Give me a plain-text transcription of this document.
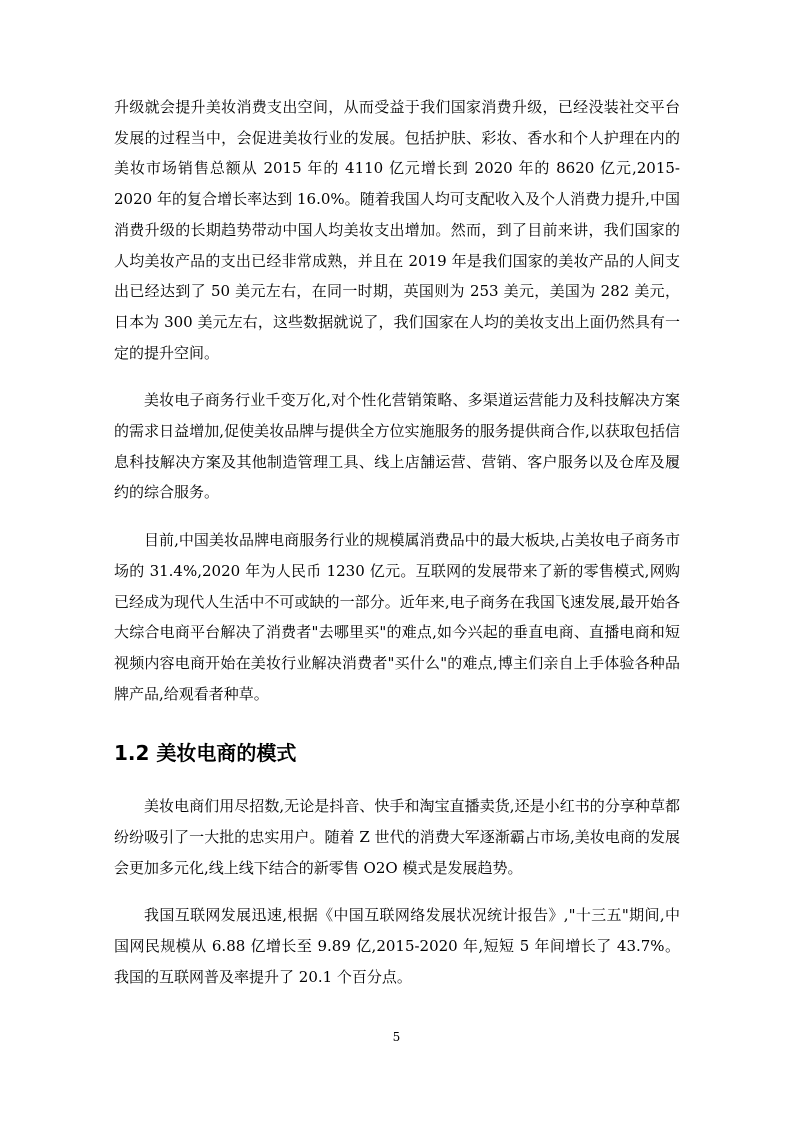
升级就会提升美妆消费支出空间，从而受益于我们国家消费升级，已经没装社交平台发展的过程当中，会促进美妆行业的发展。包括护肤、彩妆、香水和个人护理在内的美妆市场销售总额从 2015 年的 4110 亿元增长到 2020 年的 8620 亿元,2015-2020 年的复合增长率达到 16.0%。随着我国人均可支配收入及个人消费力提升,中国消费升级的长期趋势带动中国人均美妆支出增加。然而，到了目前来讲，我们国家的人均美妆产品的支出已经非常成熟，并且在 2019 年是我们国家的美妆产品的人间支出已经达到了 50 美元左右，在同一时期，英国则为 253 美元，美国为 282 美元，日本为 300 美元左右，这些数据就说了，我们国家在人均的美妆支出上面仍然具有一定的提升空间。

美妆电子商务行业千变万化,对个性化营销策略、多渠道运营能力及科技解决方案的需求日益增加,促使美妆品牌与提供全方位实施服务的服务提供商合作,以获取包括信息科技解决方案及其他制造管理工具、线上店舗运营、营销、客户服务以及仓库及履约的综合服务。

目前,中国美妆品牌电商服务行业的规模属消费品中的最大板块,占美妆电子商务市场的 31.4%,2020 年为人民币 1230 亿元。互联网的发展带来了新的零售模式,网购已经成为现代人生活中不可或缺的一部分。近年来,电子商务在我国飞速发展,最开始各大综合电商平台解决了消费者"去哪里买"的难点,如今兴起的垂直电商、直播电商和短视频内容电商开始在美妆行业解决消费者"买什么"的难点,博主们亲自上手体验各种品牌产品,给观看者种草。

1.2 美妆电商的模式

美妆电商们用尽招数,无论是抖音、快手和淘宝直播卖货,还是小红书的分享种草都纷纷吸引了一大批的忠实用户。随着 Z 世代的消费大军逐渐霸占市场,美妆电商的发展会更加多元化,线上线下结合的新零售 O2O 模式是发展趋势。

我国互联网发展迅速,根据《中国互联网络发展状况统计报告》,"十三五"期间,中国网民规模从 6.88 亿增长至 9.89 亿,2015-2020 年,短短 5 年间增长了 43.7%。我国的互联网普及率提升了 20.1 个百分点。

5
